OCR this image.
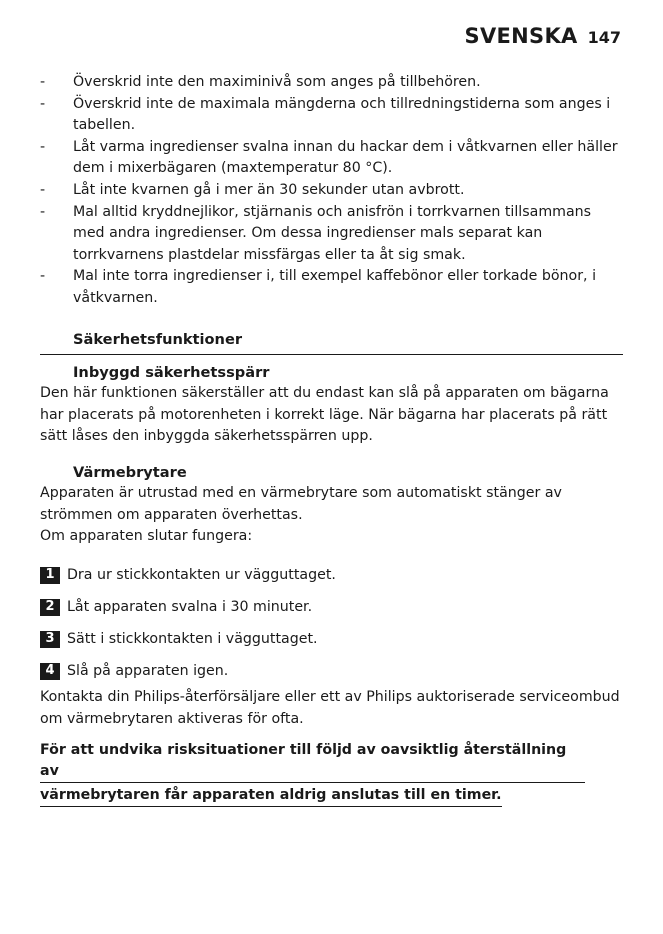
SVENSKA 147
- Överskrid inte den maximinivå som anges på tillbehören.
- Överskrid inte de maximala mängderna och tillredningstiderna som anges i tabellen.
- Låt varma ingredienser svalna innan du hackar dem i våtkvarnen eller häller dem i mixerbägaren (maxtemperatur 80 °C).
- Låt inte kvarnen gå i mer än 30 sekunder utan avbrott.
- Mal alltid kryddnejlikor, stjärnanis och anisfrön i torrkvarnen tillsammans med andra ingredienser. Om dessa ingredienser mals separat kan torrkvarnens plastdelar missfärgas eller ta åt sig smak.
- Mal inte torra ingredienser i, till exempel kaffebönor eller torkade bönor, i våtkvarnen.
Säkerhetsfunktioner
Inbyggd säkerhetsspärr

Den här funktionen säkerställer att du endast kan slå på apparaten om bägarna har placerats på motorenheten i korrekt läge. När bägarna har placerats på rätt sätt låses den inbyggda säkerhetsspärren upp.

Värmebrytare

Apparaten är utrustad med en värmebrytare som automatiskt stänger av strömmen om apparaten överhettas.

Om apparaten slutar fungera:

1 Dra ur stickkontakten ur vägguttaget.
2 Låt apparaten svalna i 30 minuter.
3 Sätt i stickkontakten i vägguttaget.
4 Slå på apparaten igen.

Kontakta din Philips-återförsäljare eller ett av Philips auktoriserade serviceombud om värmebrytaren aktiveras för ofta.

För att undvika risksituationer till följd av oavsiktlig återställning av
värmebrytaren får apparaten aldrig anslutas till en timer.
